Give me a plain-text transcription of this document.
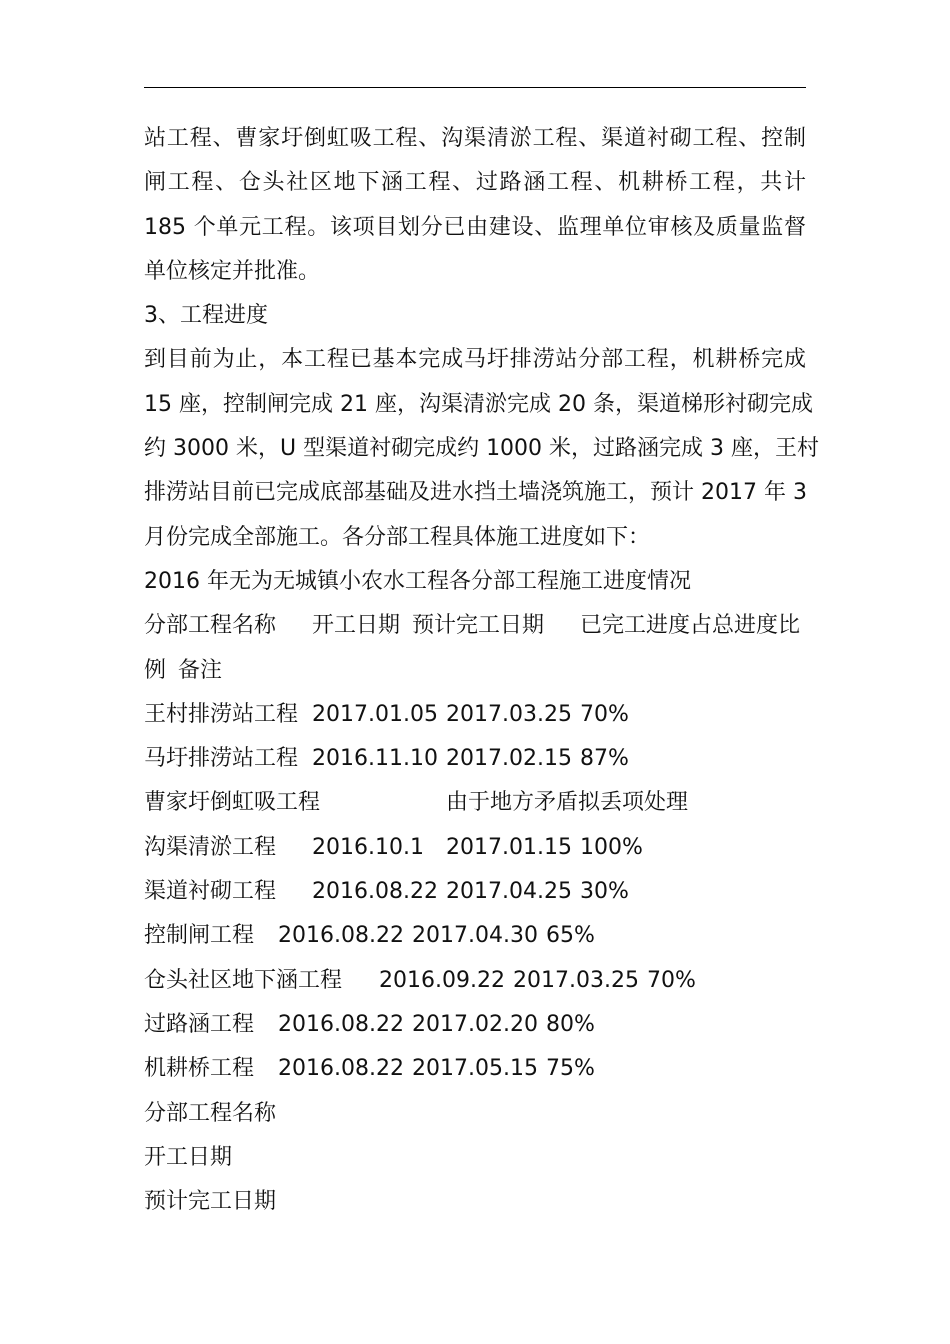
站工程、曹家圩倒虹吸工程、沟渠清淤工程、渠道衬砌工程、控制
闸工程、仓头社区地下涵工程、过路涵工程、机耕桥工程，共计
185 个单元工程。该项目划分已由建设、监理单位审核及质量监督
单位核定并批准。
3、工程进度
到目前为止，本工程已基本完成马圩排涝站分部工程，机耕桥完成
15 座，控制闸完成 21 座，沟渠清淤完成 20 条，渠道梯形衬砌完成
约 3000 米，U 型渠道衬砌完成约 1000 米，过路涵完成 3 座，王村
排涝站目前已完成底部基础及进水挡土墙浇筑施工，预计 2017 年 3
月份完成全部施工。各分部工程具体施工进度如下：
2016 年无为无城镇小农水工程各分部工程施工进度情况
分部工程名称 开工日期 预计完工日期 已完工进度占总进度比
例 备注
王村排涝站工程 2017.01.05 2017.03.25 70%
马圩排涝站工程 2016.11.10 2017.02.15 87%
曹家圩倒虹吸工程	由于地方矛盾拟丢项处理
沟渠清淤工程 2016.10.1 2017.01.15 100%
渠道衬砌工程 2016.08.22 2017.04.25 30%
控制闸工程 2016.08.22 2017.04.30 65%
仓头社区地下涵工程 2016.09.22 2017.03.25 70%
过路涵工程 2016.08.22 2017.02.20 80%
机耕桥工程 2016.08.22 2017.05.15 75%
分部工程名称
开工日期
预计完工日期
